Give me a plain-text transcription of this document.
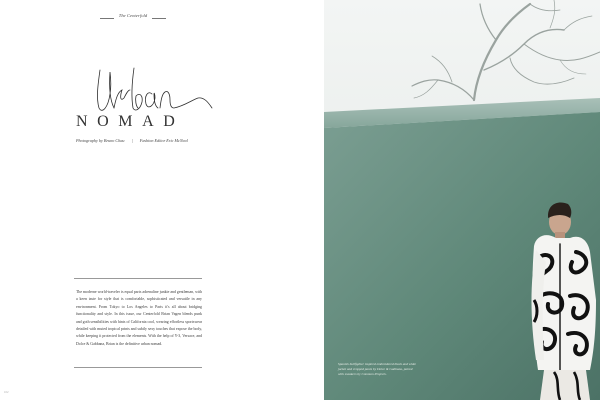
The Centerfold
NOMAD
Photography by Bruno Chau | Fashion Editor Eric McNeal
The moderne world-traveler is equal parts adrenaline junkie and gentleman, with a keen taste for style that is comfortable, sophisticated and versatile in any environment. From Tokyo to Los Angeles to Paris it's all about bridging functionality and style. In this issue, our Centerfold Brian Vagen blends punk and goth sensibilities with hints of California cool, wearing effortless sportswear detailed with muted tropical prints and subtly sexy touches that expose the body, while keeping it protected from the elements. With the help of Y-3, Versace, and Dolce & Gabbana, Brian is the definitive urban nomad.
102
Spanish bullfighter inspired embroidered black and white jacket and cropped pants by Dolce & Gabbana, paired with sneakers by Common Projects.
